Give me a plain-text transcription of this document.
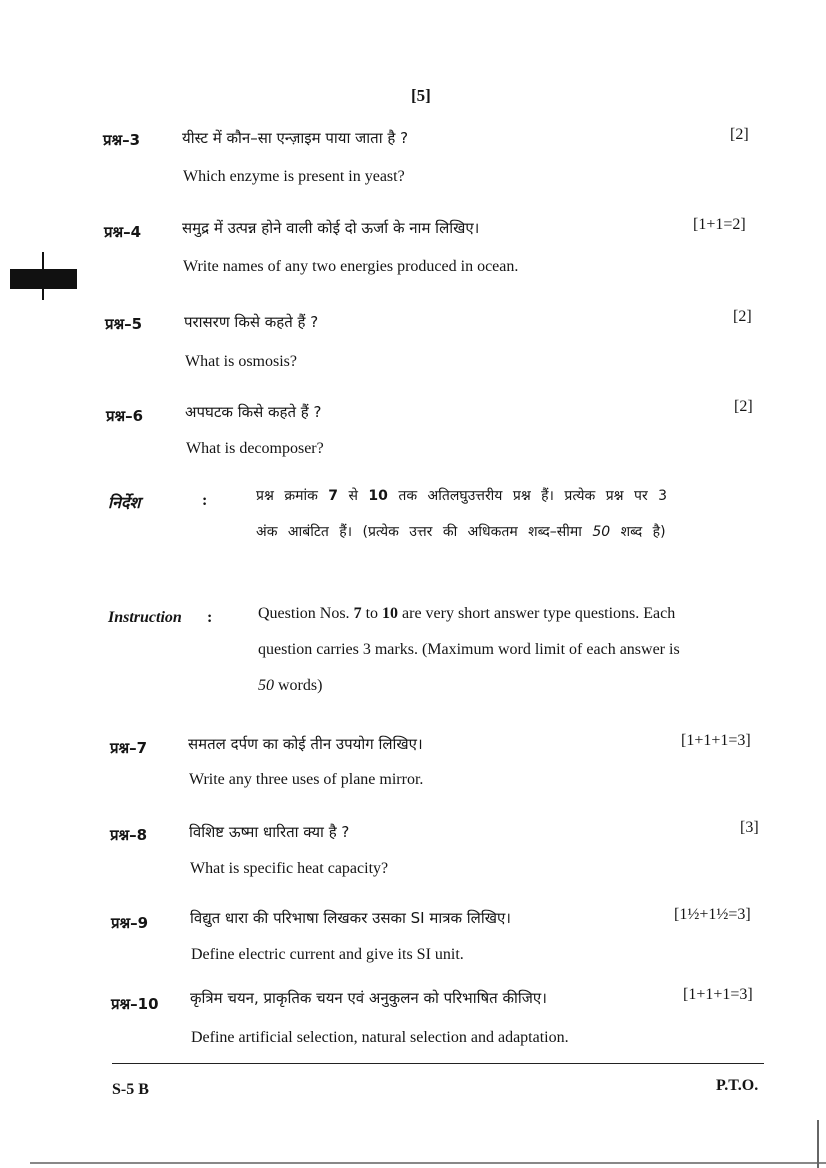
[5]
प्रश्न–3	यीस्ट में कौन–सा एन्ज़ाइम पाया जाता है ?	[2]
Which enzyme is present in yeast?
प्रश्न–4	समुद्र में उत्पन्न होने वाली कोई दो ऊर्जा के नाम लिखिए।	[1+1=2]
Write names of any two energies produced in ocean.
प्रश्न–5	परासरण किसे कहते हैं ?	[2]
What is osmosis?
प्रश्न–6	अपघटक किसे कहते हैं ?	[2]
What is decomposer?
निर्देश	:	प्रश्न क्रमांक 7 से 10 तक अतिलघुउत्तरीय प्रश्न हैं। प्रत्येक प्रश्न पर 3 अंक आबंटित हैं। (प्रत्येक उत्तर की अधिकतम शब्द–सीमा 50 शब्द है)
Instruction :	Question Nos. 7 to 10 are very short answer type questions. Each question carries 3 marks. (Maximum word limit of each answer is 50 words)
प्रश्न–7	समतल दर्पण का कोई तीन उपयोग लिखिए।	[1+1+1=3]
Write any three uses of plane mirror.
प्रश्न–8	विशिष्ट ऊष्मा धारिता क्या है ?	[3]
What is specific heat capacity?
प्रश्न–9	विद्युत धारा की परिभाषा लिखकर उसका SI मात्रक लिखिए।	[1½+1½=3]
Define electric current and give its SI unit.
प्रश्न–10 कृत्रिम चयन, प्राकृतिक चयन एवं अनुकुलन को परिभाषित कीजिए।	[1+1+1=3]
Define artificial selection, natural selection and adaptation.
S-5 B	P.T.O.
